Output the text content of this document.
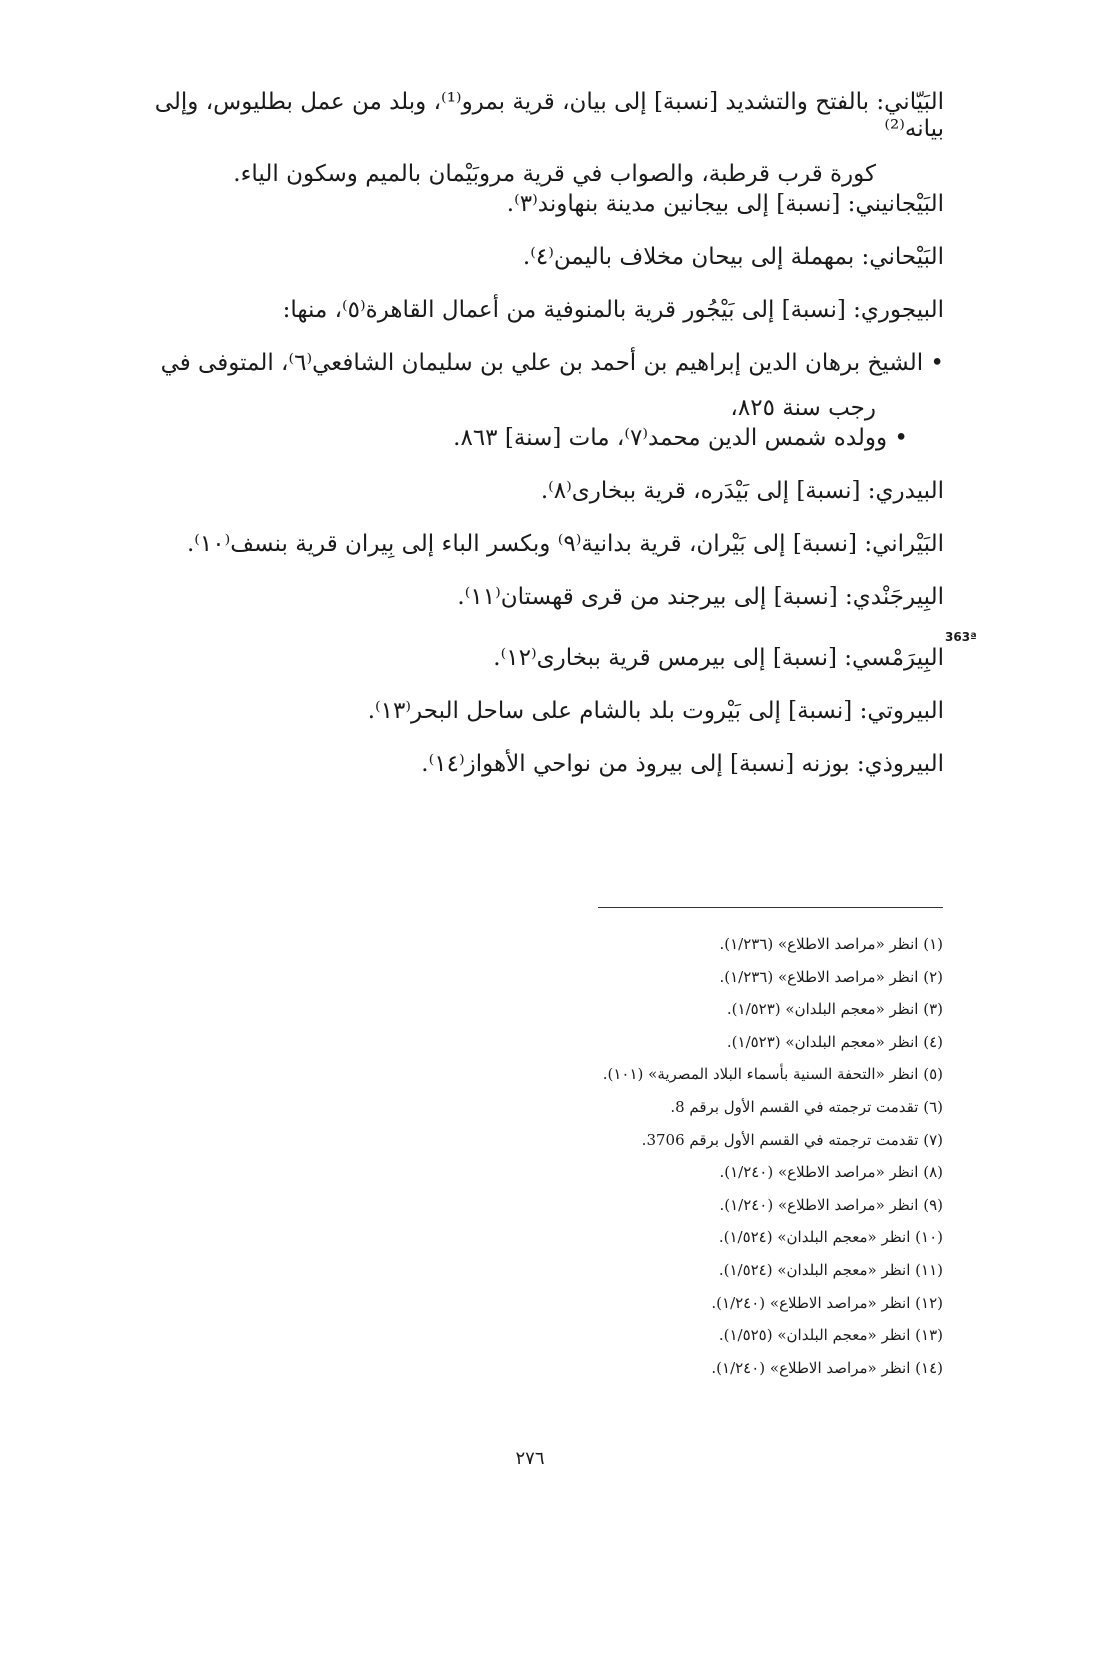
البَيّاني: بالفتح والتشديد [نسبة] إلى بيان، قرية بمرو⁽¹⁾، وبلد من عمل بطليوس، وإلى بيانه⁽²⁾
كورة قرب قرطبة، والصواب في قرية مروبَيْمان بالميم وسكون الياء.
البَيْجانيني: [نسبة] إلى بيجانين مدينة بنهاوند⁽٣⁾.
البَيْحاني: بمهملة إلى بيحان مخلاف باليمن⁽٤⁾.
البيجوري: [نسبة] إلى بَيْجُور قرية بالمنوفية من أعمال القاهرة⁽٥⁾، منها:
• الشيخ برهان الدين إبراهيم بن أحمد بن علي بن سليمان الشافعي⁽٦⁾، المتوفى في
رجب سنة ٨٢٥،
• وولده شمس الدين محمد⁽٧⁾، مات [سنة] ٨٦٣.
البيدري: [نسبة] إلى بَيْدَره، قرية ببخارى⁽٨⁾.
البَيْراني: [نسبة] إلى بَيْران، قرية بدانية⁽٩⁾ وبكسر الباء إلى بِيران قرية بنسف⁽١٠⁾.
البِيرجَنْدي: [نسبة] إلى بيرجند من قرى قهستان⁽١١⁾.
البِيرَمْسي: [نسبة] إلى بيرمس قرية ببخارى⁽١٢⁾.
البيروتي: [نسبة] إلى بَيْروت بلد بالشام على ساحل البحر⁽١٣⁾.
البيروذي: بوزنه [نسبة] إلى بيروذ من نواحي الأهواز⁽١٤⁾.
363ª
(١) انظر «مراصد الاطلاع» (١/٢٣٦).
(٢) انظر «مراصد الاطلاع» (١/٢٣٦).
(٣) انظر «معجم البلدان» (١/٥٢٣).
(٤) انظر «معجم البلدان» (١/٥٢٣).
(٥) انظر «التحفة السنية بأسماء البلاد المصرية» (١٠١).
(٦) تقدمت ترجمته في القسم الأول برقم 8.
(٧) تقدمت ترجمته في القسم الأول برقم 3706.
(٨) انظر «مراصد الاطلاع» (١/٢٤٠).
(٩) انظر «مراصد الاطلاع» (١/٢٤٠).
(١٠) انظر «معجم البلدان» (١/٥٢٤).
(١١) انظر «معجم البلدان» (١/٥٢٤).
(١٢) انظر «مراصد الاطلاع» (١/٢٤٠).
(١٣) انظر «معجم البلدان» (١/٥٢٥).
(١٤) انظر «مراصد الاطلاع» (١/٢٤٠).
٢٧٦
